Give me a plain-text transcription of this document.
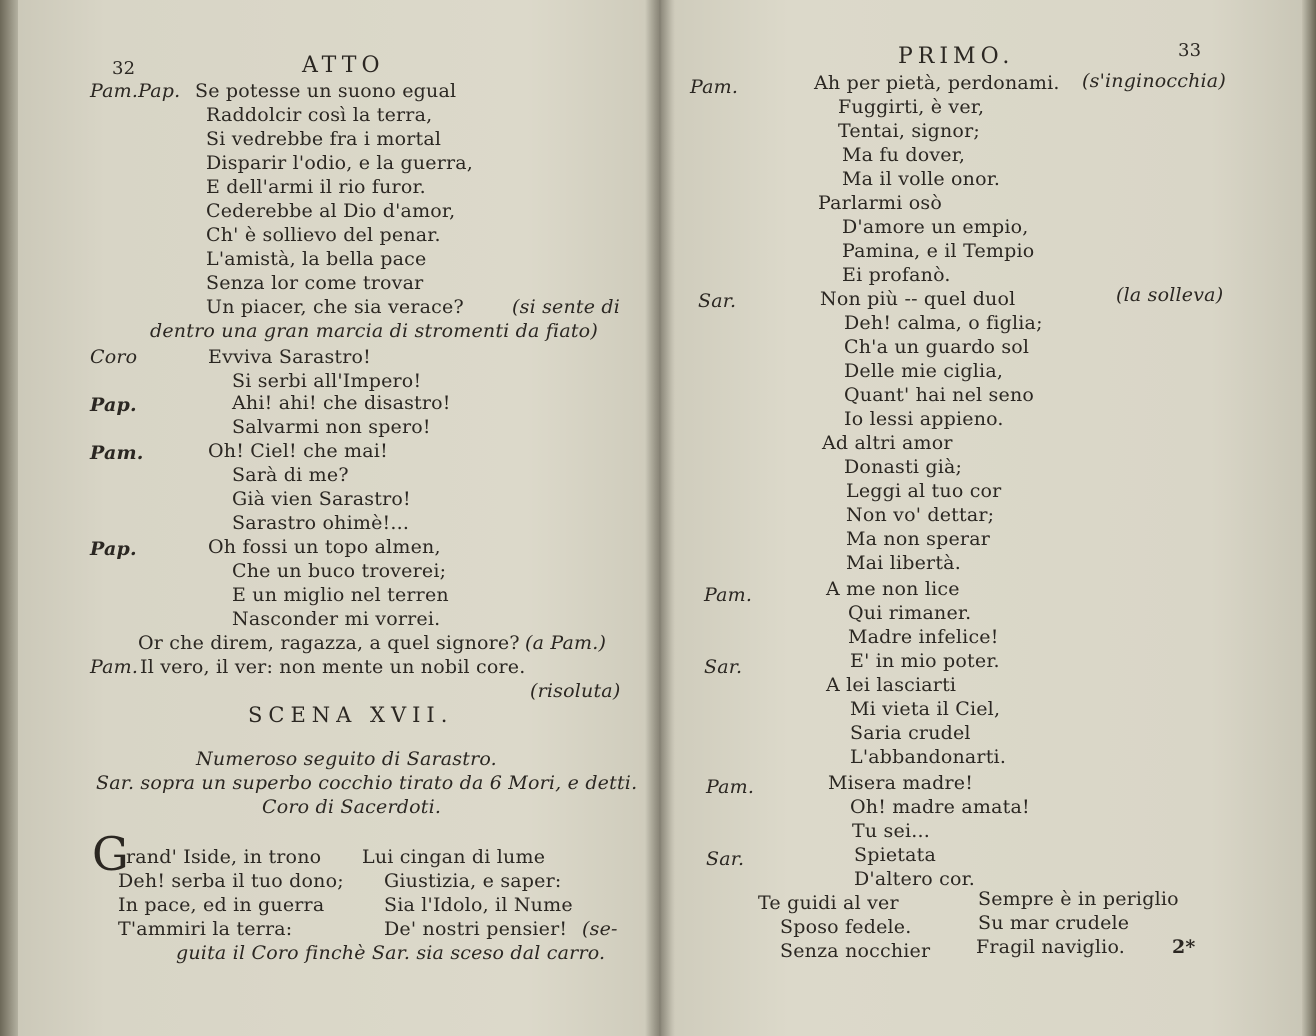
32	ATTO
Pam.Pap. Se potesse un suono egual
Raddolcir così la terra,
Si vedrebbe fra i mortal
Disparir l'odio, e la guerra,
E dell'armi il rio furor.
Cederebbe al Dio d'amor,
Ch' è sollievo del penar.
L'amistà, la bella pace
Senza lor come trovar
Un piacer, che sia verace?	(si sente di
dentro una gran marcia di stromenti da fiato)
Coro	Evviva Sarastro!
Si serbi all'Impero!
Pap.	Ahi! ahi! che disastro!
Salvarmi non spero!
Pam.	Oh! Ciel! che mai!
Sarà di me?
Già vien Sarastro!
Sarastro ohimè!...
Pap.	Oh fossi un topo almen,
Che un buco troverei;
E un miglio nel terren
Nasconder mi vorrei.
Or che direm, ragazza, a quel signore? (a Pam.)
Pam. Il vero, il ver: non mente un nobil core.
(risoluta)
SCENA XVII.
Numeroso seguito di Sarastro.
Sar. sopra un superbo cocchio tirato da 6 Mori, e detti.
Coro di Sacerdoti.
G
rand' Iside, in trono
Deh! serba il tuo dono;
In pace, ed in guerra
T'ammiri la terra:
Lui cingan di lume
Giustizia, e saper:
Sia l'Idolo, il Nume
De' nostri pensier! (se-
guita il Coro finchè Sar. sia sceso dal carro.
PRIMO.	33
Pam.	Ah per pietà, perdonami. (s'inginocchia)
Fuggirti, è ver,
Tentai, signor;
Ma fu dover,
Ma il volle onor.
Parlarmi osò
D'amore un empio,
Pamina, e il Tempio
Ei profanò.
Sar.	Non più -- quel duol	(la solleva)
Deh! calma, o figlia;
Ch'a un guardo sol
Delle mie ciglia,
Quant' hai nel seno
Io lessi appieno.
Ad altri amor
Donasti già;
Leggi al tuo cor
Non vo' dettar;
Ma non sperar
Mai libertà.
Pam.	A me non lice
Qui rimaner.
Madre infelice!
Sar.	E' in mio poter.
A lei lasciarti
Mi vieta il Ciel,
Saria crudel
L'abbandonarti.
Pam.	Misera madre!
Oh! madre amata!
Tu sei...
Sar.	Spietata
D'altero cor.
Te guidi al ver
Sposo fedele.
Senza nocchier
Sempre è in periglio
Su mar crudele
Fragil naviglio. 2*
